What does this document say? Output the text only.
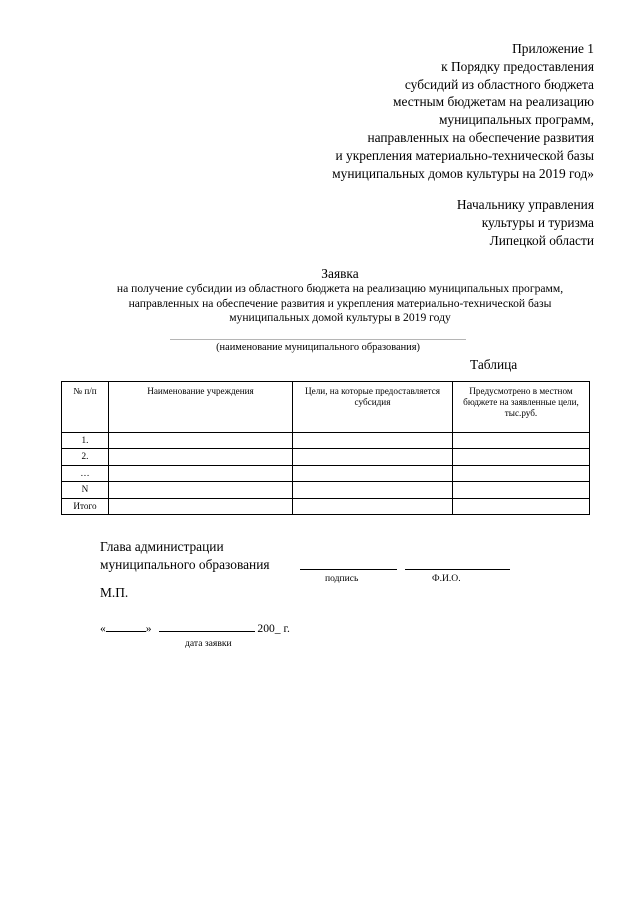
Приложение 1
к Порядку предоставления
субсидий из областного бюджета
местным бюджетам на реализацию
муниципальных программ,
направленных на обеспечение развития
и укрепления материально-технической базы
муниципальных домов культуры на 2019 год»
Начальнику управления
культуры и туризма
Липецкой области
Заявка
на получение субсидии из областного бюджета на реализацию муниципальных программ,
направленных на обеспечение развития и укрепления материально-технической базы
муниципальных домой культуры в 2019 году
(наименование муниципального образования)
Таблица
№ п/п	Наименование учреждения	Цели, на которые предоставляется субсидия	Предусмотрено в местном бюджете на заявленные цели, тыс.руб.
1.			
2.			
…			
N			
Итого			
Глава администрации
муниципального образования
подпись	Ф.И.О.
М.П.
«	»	200_ г.
дата заявки
